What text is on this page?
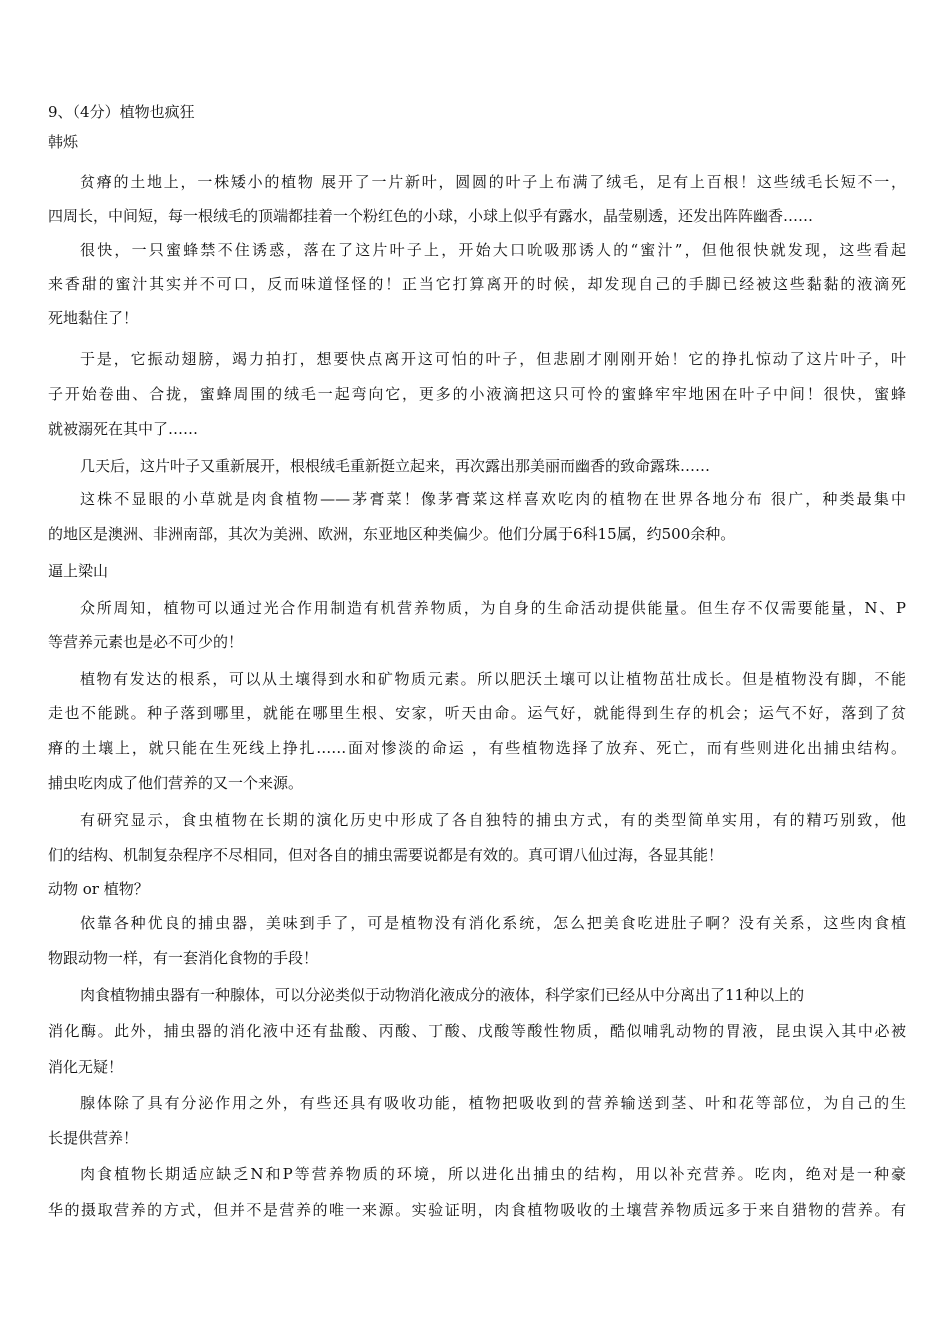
9、（4分）植物也疯狂
韩烁
贫瘠的土地上，一株矮小的植物 展开了一片新叶，圆圆的叶子上布满了绒毛，足有上百根！这些绒毛长短不一，
四周长，中间短，每一根绒毛的顶端都挂着一个粉红色的小球，小球上似乎有露水，晶莹剔透，还发出阵阵幽香……
很快，一只蜜蜂禁不住诱惑，落在了这片叶子上，开始大口吮吸那诱人的“蜜汁”，但他很快就发现，这些看起
来香甜的蜜汁其实并不可口，反而味道怪怪的！正当它打算离开的时候，却发现自己的手脚已经被这些黏黏的液滴死
死地黏住了！
于是，它振动翅膀，竭力拍打，想要快点离开这可怕的叶子，但悲剧才刚刚开始！它的挣扎惊动了这片叶子，叶
子开始卷曲、合拢，蜜蜂周围的绒毛一起弯向它，更多的小液滴把这只可怜的蜜蜂牢牢地困在叶子中间！很快，蜜蜂
就被溺死在其中了……
几天后，这片叶子又重新展开，根根绒毛重新挺立起来，再次露出那美丽而幽香的致命露珠……
这株不显眼的小草就是肉食植物——茅膏菜！像茅膏菜这样喜欢吃肉的植物在世界各地分布 很广，种类最集中
的地区是澳洲、非洲南部，其次为美洲、欧洲，东亚地区种类偏少。他们分属于6科15属，约500余种。
逼上梁山
众所周知，植物可以通过光合作用制造有机营养物质，为自身的生命活动提供能量。但生存不仅需要能量，N、P
等营养元素也是必不可少的！
植物有发达的根系，可以从土壤得到水和矿物质元素。所以肥沃土壤可以让植物茁壮成长。但是植物没有脚，不能
走也不能跳。种子落到哪里，就能在哪里生根、安家，听天由命。运气好，就能得到生存的机会；运气不好，落到了贫
瘠的土壤上，就只能在生死线上挣扎……面对惨淡的命运 ，有些植物选择了放弃、死亡，而有些则进化出捕虫结构。
捕虫吃肉成了他们营养的又一个来源。
有研究显示，食虫植物在长期的演化历史中形成了各自独特的捕虫方式，有的类型简单实用，有的精巧别致，他
们的结构、机制复杂程序不尽相同，但对各自的捕虫需要说都是有效的。真可谓八仙过海，各显其能！
动物 or 植物？
依靠各种优良的捕虫器，美味到手了，可是植物没有消化系统，怎么把美食吃进肚子啊？没有关系，这些肉食植
物跟动物一样，有一套消化食物的手段！
肉食植物捕虫器有一种腺体，可以分泌类似于动物消化液成分的液体，科学家们已经从中分离出了11种以上的
消化酶。此外，捕虫器的消化液中还有盐酸、丙酸、丁酸、戊酸等酸性物质，酷似哺乳动物的胃液，昆虫误入其中必被
消化无疑！
腺体除了具有分泌作用之外，有些还具有吸收功能，植物把吸收到的营养输送到茎、叶和花等部位，为自己的生
长提供营养！
肉食植物长期适应缺乏N和P等营养物质的环境，所以进化出捕虫的结构，用以补充营养。吃肉，绝对是一种豪
华的摄取营养的方式，但并不是营养的唯一来源。实验证明，肉食植物吸收的土壤营养物质远多于来自猎物的营养。有
